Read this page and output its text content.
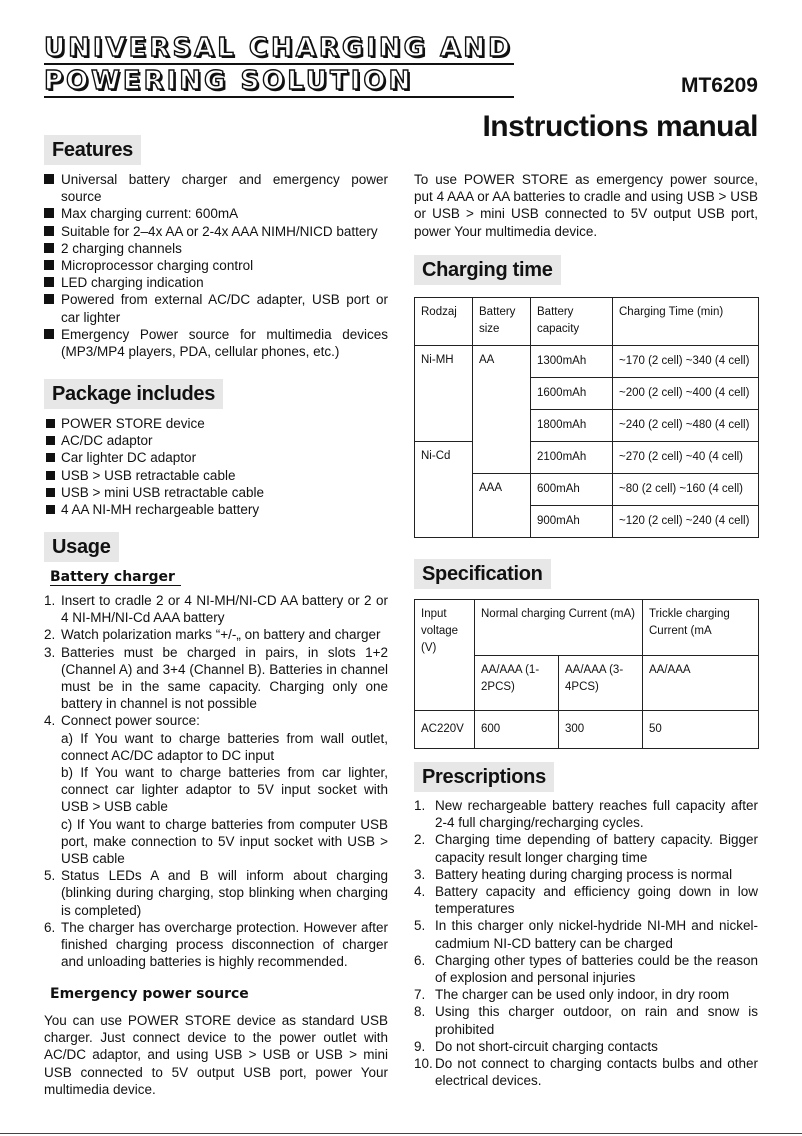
UNIVERSAL CHARGING AND
POWERING SOLUTION	MT6209
Instructions manual
Features
Universal battery charger and emergency power source
Max charging current: 600mA
Suitable for 2–4x AA or 2-4x AAA NIMH/NICD battery
2 charging channels
Microprocessor charging control
LED charging indication
Powered from external AC/DC adapter, USB port or car lighter
Emergency Power source for multimedia devices (MP3/MP4 players, PDA, cellular phones, etc.)
Package includes
POWER STORE device
AC/DC adaptor
Car lighter DC adaptor
USB > USB retractable cable
USB > mini USB retractable cable
4 AA NI-MH rechargeable battery
Usage
Battery charger
1. Insert to cradle 2 or 4 NI-MH/NI-CD AA battery or 2 or 4 NI-MH/NI-Cd AAA battery
2. Watch polarization marks “+/-„ on battery and charger
3. Batteries must be charged in pairs, in slots 1+2 (Channel A) and 3+4 (Channel B). Batteries in channel must be in the same capacity. Charging only one battery in channel is not possible
4. Connect power source:
a) If You want to charge batteries from wall outlet, connect AC/DC adaptor to DC input
b) If You want to charge batteries from car lighter, connect car lighter adaptor to 5V input socket with USB > USB cable
c) If You want to charge batteries from computer USB port, make connection to 5V input socket with USB > USB cable
5. Status LEDs A and B will inform about charging (blinking during charging, stop blinking when charging is completed)
6. The charger has overcharge protection. However after finished charging process disconnection of charger and unloading batteries is highly recommended.
Emergency power source
You can use POWER STORE device as standard USB charger. Just connect device to the power outlet with AC/DC adaptor, and using USB > USB or USB > mini USB connected to 5V output USB port, power Your multimedia device.
To use POWER STORE as emergency power source, put 4 AAA or AA batteries to cradle and using USB > USB or USB > mini USB connected to 5V output USB port, power Your multimedia device.
Charging time
Rodzaj	Battery size	Battery capacity	Charging Time (min)
Ni-MH	AA	1300mAh	~170 (2 cell) ~340 (4 cell)
		1600mAh	~200 (2 cell) ~400 (4 cell)
		1800mAh	~240 (2 cell) ~480 (4 cell)
Ni-Cd		2100mAh	~270 (2 cell) ~40 (4 cell)
	AAA	600mAh	~80 (2 cell) ~160 (4 cell)
		900mAh	~120 (2 cell) ~240 (4 cell)
Specification
Input voltage (V)	Normal charging Current (mA)		Trickle charging Current (mA
	AA/AAA (1-2PCS)	AA/AAA (3-4PCS)	AA/AAA
AC220V	600	300	50
Prescriptions
1. New rechargeable battery reaches full capacity after 2-4 full charging/recharging cycles.
2. Charging time depending of battery capacity. Bigger capacity result longer charging time
3. Battery heating during charging process is normal
4. Battery capacity and efficiency going down in low temperatures
5. In this charger only nickel-hydride NI-MH and nickel-cadmium NI-CD battery can be charged
6. Charging other types of batteries could be the reason of explosion and personal injuries
7. The charger can be used only indoor, in dry room
8. Using this charger outdoor, on rain and snow is prohibited
9. Do not short-circuit charging contacts
10. Do not connect to charging contacts bulbs and other electrical devices.
